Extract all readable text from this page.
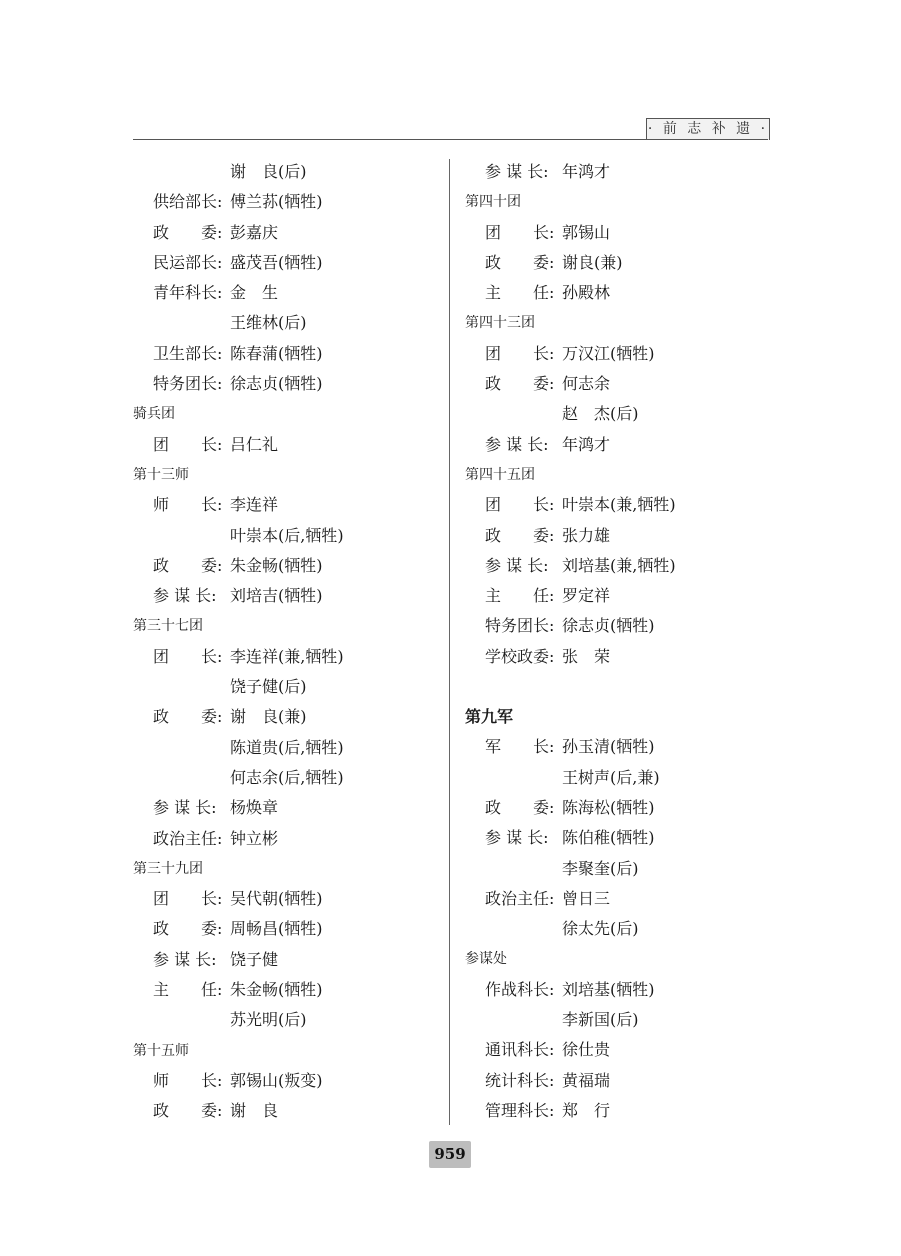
· 前 志 补 遗 ·
谢　良(后)
供给部长: 傅兰荪(牺牲)
政　　委: 彭嘉庆
民运部长: 盛茂吾(牺牲)
青年科长: 金　生
王维林(后)
卫生部长: 陈春蒲(牺牲)
特务团长: 徐志贞(牺牲)
骑兵团
团　　长: 吕仁礼
第十三师
师　　长: 李连祥
叶崇本(后,牺牲)
政　　委: 朱金畅(牺牲)
参 谋 长: 刘培吉(牺牲)
第三十七团
团　　长: 李连祥(兼,牺牲)
饶子健(后)
政　　委: 谢　良(兼)
陈道贵(后,牺牲)
何志余(后,牺牲)
参 谋 长: 杨焕章
政治主任: 钟立彬
第三十九团
团　　长: 吴代朝(牺牲)
政　　委: 周畅昌(牺牲)
参 谋 长: 饶子健
主　　任: 朱金畅(牺牲)
苏光明(后)
第十五师
师　　长: 郭锡山(叛变)
政　　委: 谢　良
参 谋 长: 年鸿才
第四十团
团　　长: 郭锡山
政　　委: 谢良(兼)
主　　任: 孙殿林
第四十三团
团　　长: 万汉江(牺牲)
政　　委: 何志余
赵　杰(后)
参 谋 长: 年鸿才
第四十五团
团　　长: 叶崇本(兼,牺牲)
政　　委: 张力雄
参 谋 长: 刘培基(兼,牺牲)
主　　任: 罗定祥
特务团长: 徐志贞(牺牲)
学校政委: 张　荣
第九军
军　　长: 孙玉清(牺牲)
王树声(后,兼)
政　　委: 陈海松(牺牲)
参 谋 长: 陈伯稚(牺牲)
李聚奎(后)
政治主任: 曾日三
徐太先(后)
参谋处
作战科长: 刘培基(牺牲)
李新国(后)
通讯科长: 徐仕贵
统计科长: 黄福瑞
管理科长: 郑　行
959
